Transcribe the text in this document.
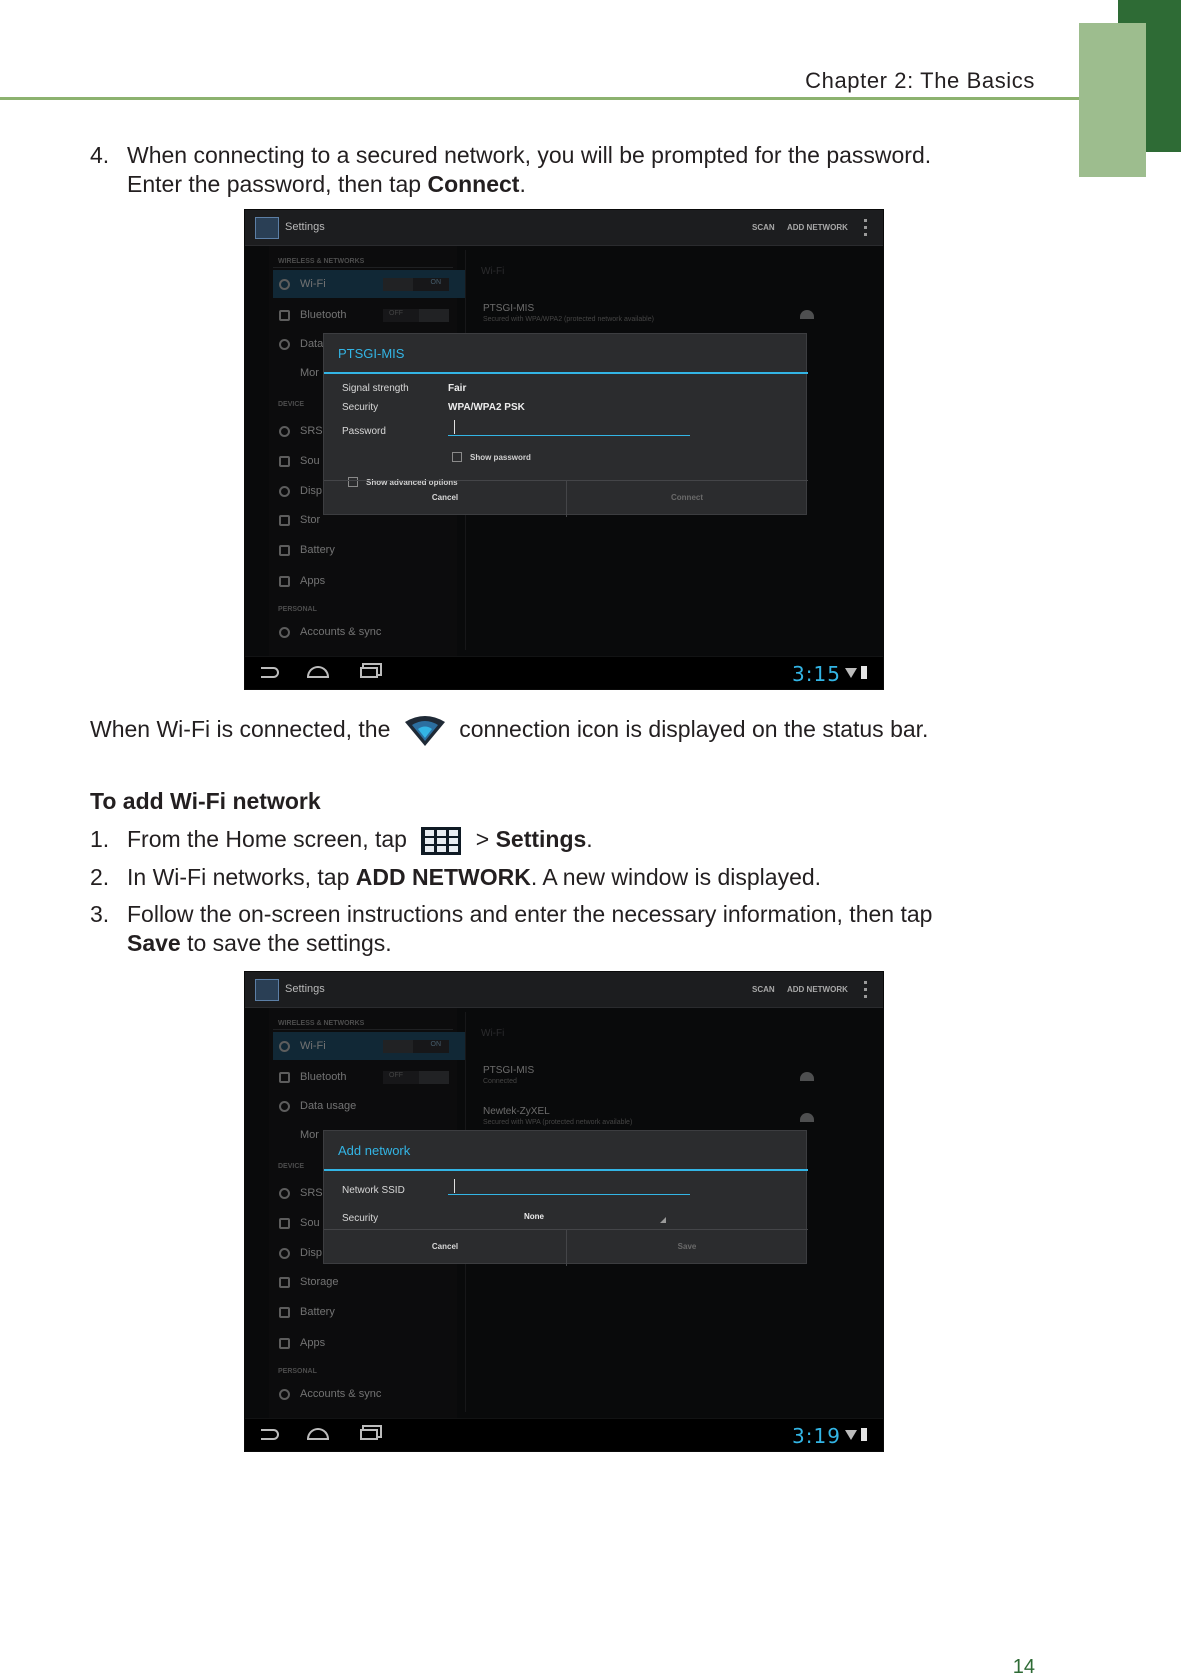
Chapter 2: The Basics
4. When connecting to a secured network, you will be prompted for the password.
Enter the password, then tap Connect.
Settings	SCAN ADD NETWORK
WIRELESS & NETWORKS
Wi-Fi	ON
Bluetooth	OFF
Data
Mor
DEVICE
SRS
Sou
Disp
Stor
Battery
Apps
PERSONAL
Accounts & sync
Wi-Fi
PTSGI-MIS
Secured with WPA/WPA2 (protected network available)
PTSGI-MIS
Signal strength	Fair
Security	WPA/WPA2 PSK
Password
Show password
Show advanced options
Cancel	Connect
3:15
When Wi-Fi is connected, the	connection icon is displayed on the status bar.
To add Wi-Fi network
1. From the Home screen, tap	> Settings.
2. In Wi-Fi networks, tap ADD NETWORK. A new window is displayed.
3. Follow the on-screen instructions and enter the necessary information, then tap
Save to save the settings.
Settings	SCAN ADD NETWORK
WIRELESS & NETWORKS
Wi-Fi	ON
Bluetooth	OFF
Data usage
Mor
DEVICE
SRS
Sou
Disp
Storage
Battery
Apps
PERSONAL
Accounts & sync
Wi-Fi
PTSGI-MIS
Connected
Newtek-ZyXEL
Secured with WPA (protected network available)
Add network
Network SSID
Security	None
Cancel	Save
3:19
14
